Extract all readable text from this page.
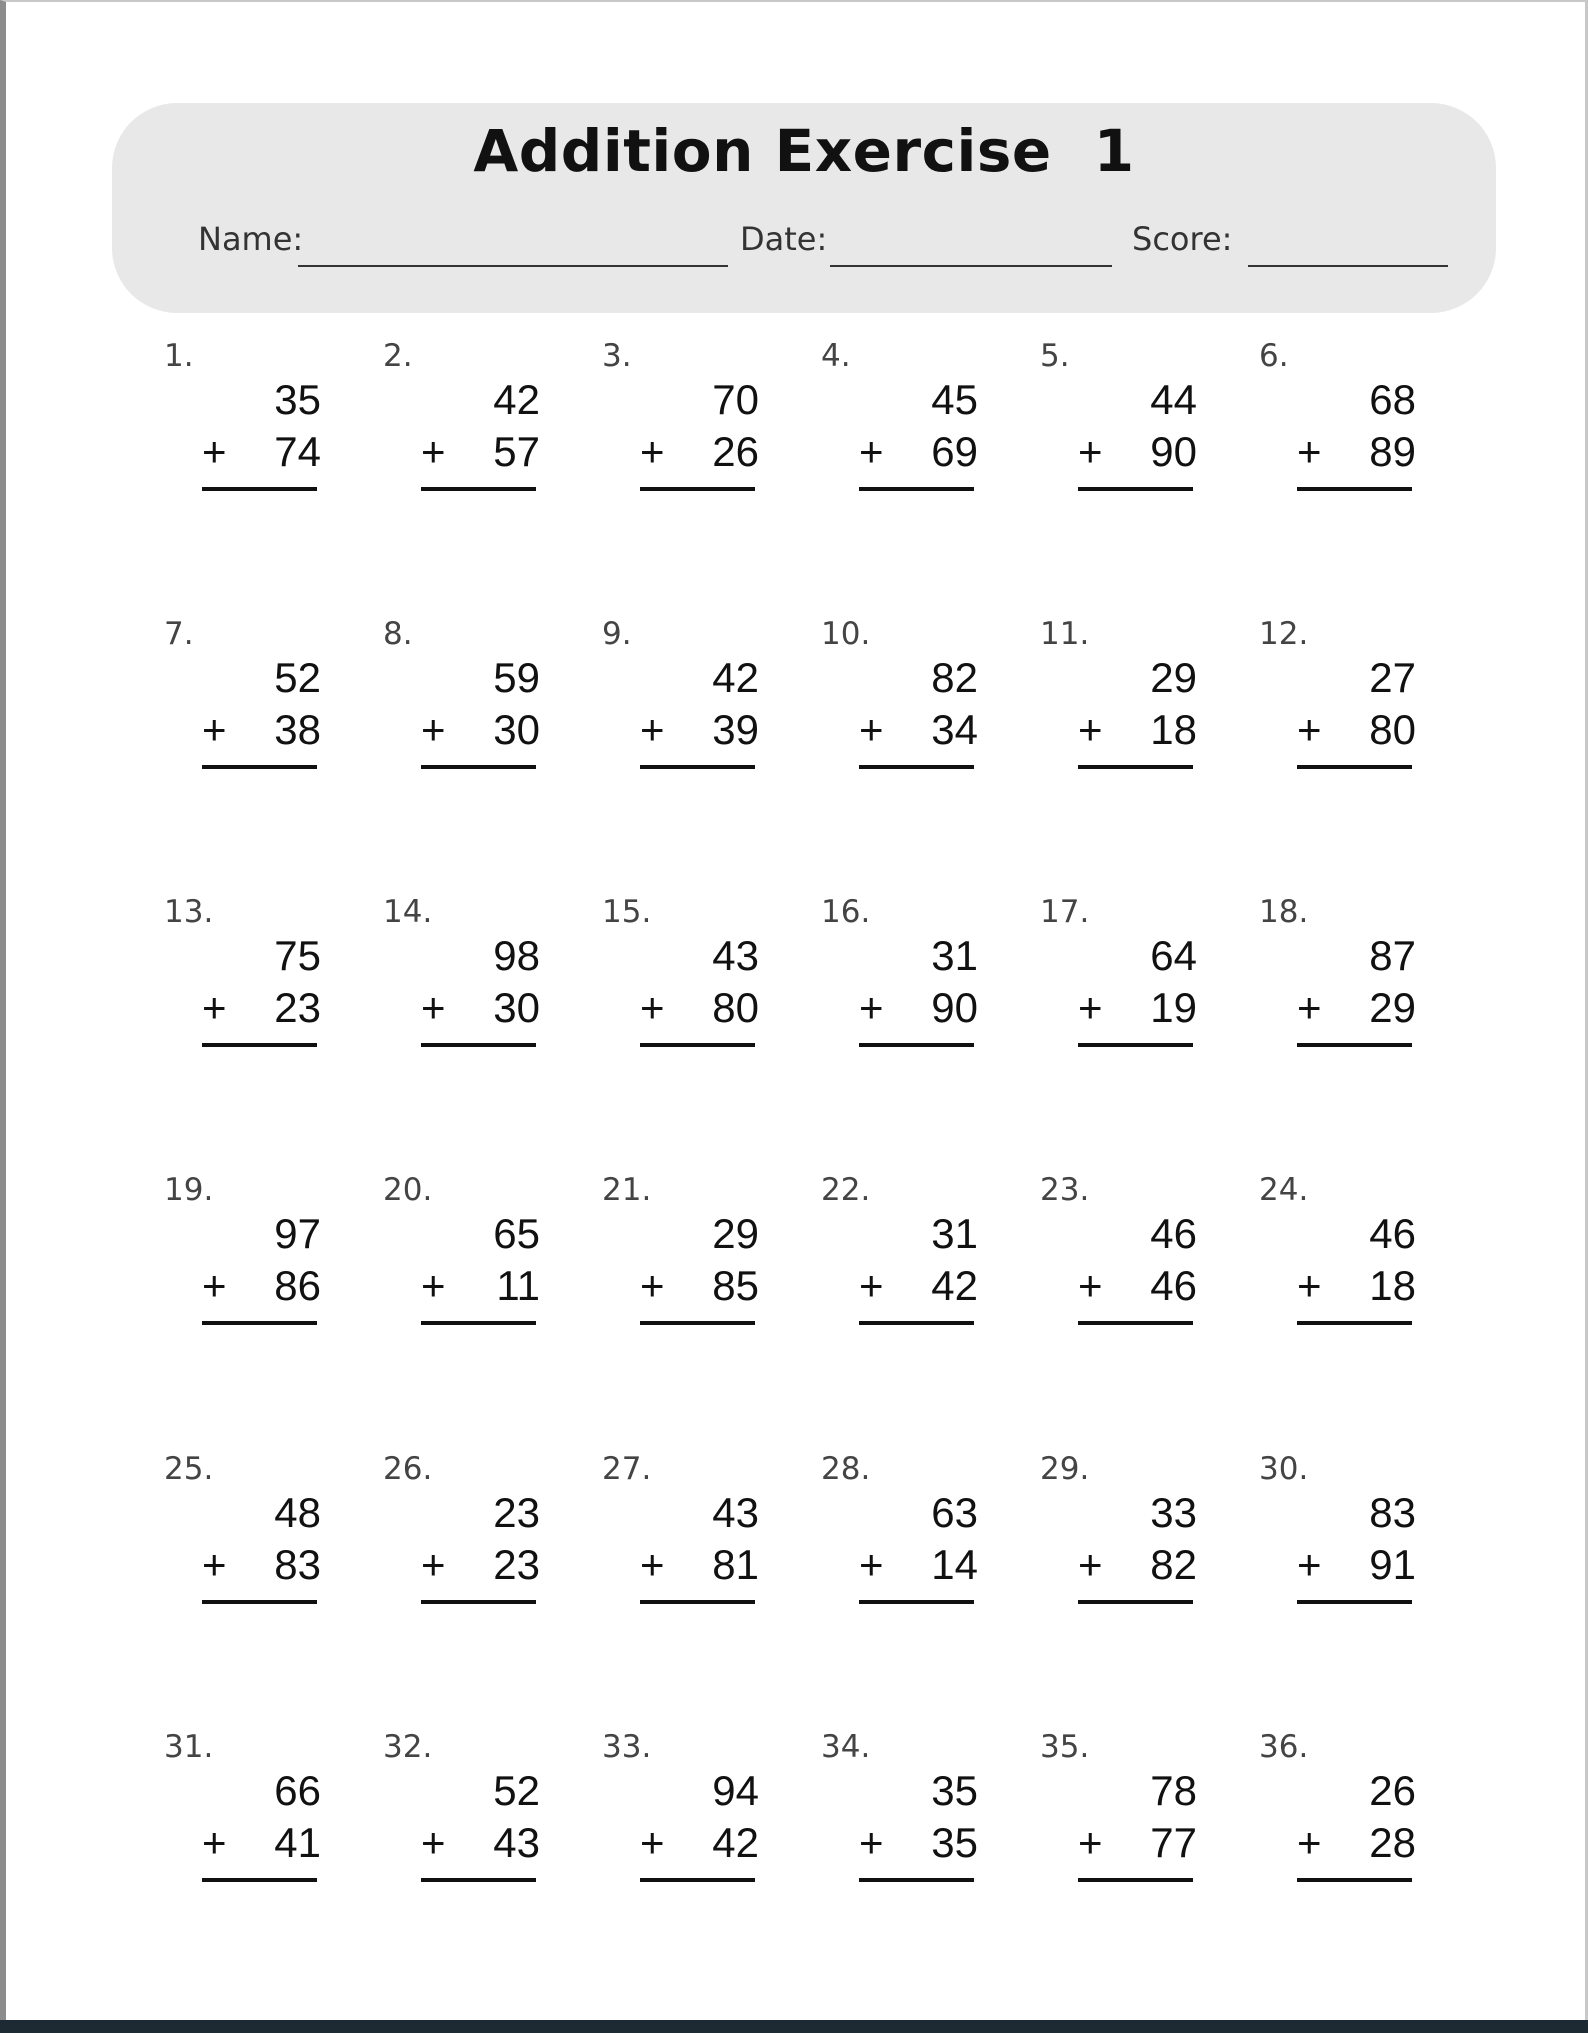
Addition Exercise 1
Name:	Date:	Score:
1.
35
+ 74
2.
42
+ 57
3.
70
+ 26
4.
45
+ 69
5.
44
+ 90
6.
68
+ 89
7.
52
+ 38
8.
59
+ 30
9.
42
+ 39
10.
82
+ 34
11.
29
+ 18
12.
27
+ 80
13.
75
+ 23
14.
98
+ 30
15.
43
+ 80
16.
31
+ 90
17.
64
+ 19
18.
87
+ 29
19.
97
+ 86
20.
65
+ 11
21.
29
+ 85
22.
31
+ 42
23.
46
+ 46
24.
46
+ 18
25.
48
+ 83
26.
23
+ 23
27.
43
+ 81
28.
63
+ 14
29.
33
+ 82
30.
83
+ 91
31.
66
+ 41
32.
52
+ 43
33.
94
+ 42
34.
35
+ 35
35.
78
+ 77
36.
26
+ 28
